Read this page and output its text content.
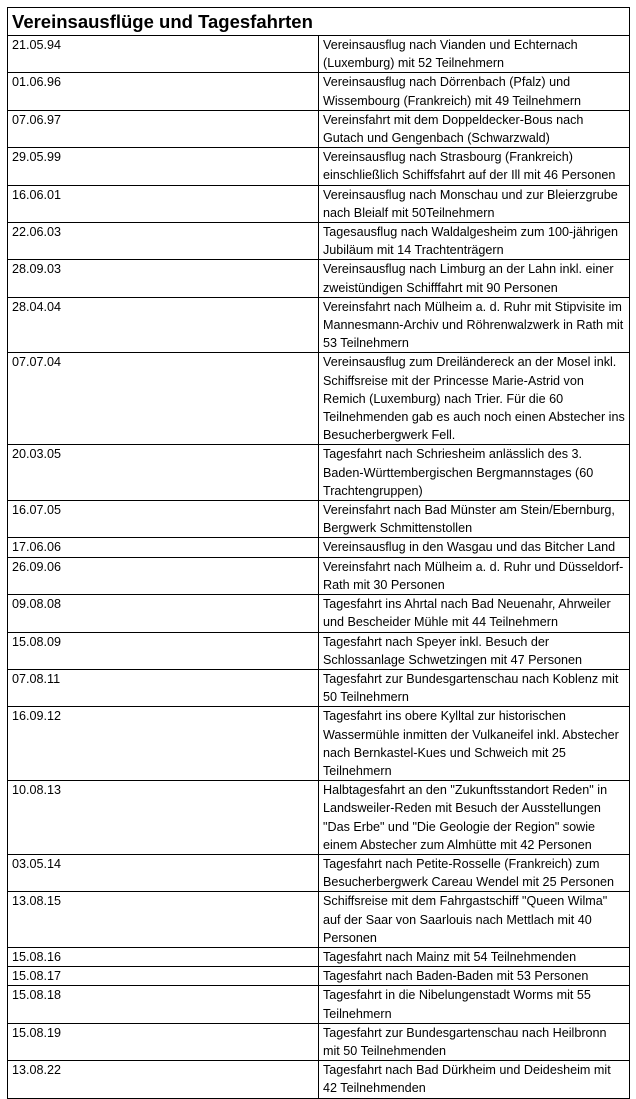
Vereinsausflüge und Tagesfahrten	
21.05.94	Vereinsausflug nach Vianden und Echternach (Luxemburg) mit 52 Teilnehmern
01.06.96	Vereinsausflug nach Dörrenbach (Pfalz) und Wissembourg (Frankreich) mit 49 Teilnehmern
07.06.97	Vereinsfahrt mit dem Doppeldecker-Bous nach Gutach und Gengenbach (Schwarzwald)
29.05.99	Vereinsausflug nach Strasbourg (Frankreich) einschließlich Schiffsfahrt auf der Ill mit 46 Personen
16.06.01	Vereinsausflug nach Monschau und zur Bleierzgrube nach Bleialf mit 50Teilnehmern
22.06.03	Tagesausflug nach Waldalgesheim zum 100-jährigen Jubiläum mit 14 Trachtenträgern
28.09.03	Vereinsausflug nach Limburg an der Lahn inkl. einer zweistündigen Schifffahrt mit 90 Personen
28.04.04	Vereinsfahrt nach Mülheim a. d. Ruhr mit Stipvisite im Mannesmann-Archiv und Röhrenwalzwerk in Rath mit 53 Teilnehmern
07.07.04	Vereinsausflug zum Dreiländereck an der Mosel inkl. Schiffsreise mit der Princesse Marie-Astrid von Remich (Luxemburg) nach Trier. Für die 60 Teilnehmenden gab es auch noch einen Abstecher ins Besucherbergwerk Fell.
20.03.05	Tagesfahrt nach Schriesheim anlässlich des 3. Baden-Württembergischen Bergmannstages (60 Trachtengruppen)
16.07.05	Vereinsfahrt nach Bad Münster am Stein/Ebernburg, Bergwerk Schmittenstollen
17.06.06	Vereinsausflug in den Wasgau und das Bitcher Land
26.09.06	Vereinsfahrt nach Mülheim a. d. Ruhr und Düsseldorf-Rath mit 30 Personen
09.08.08	Tagesfahrt ins Ahrtal nach Bad Neuenahr, Ahrweiler und Bescheider Mühle mit 44 Teilnehmern
15.08.09	Tagesfahrt nach Speyer inkl. Besuch der Schlossanlage Schwetzingen mit 47 Personen
07.08.11	Tagesfahrt zur Bundesgartenschau nach Koblenz mit 50 Teilnehmern
16.09.12	Tagesfahrt ins obere Kylltal zur historischen Wassermühle inmitten der Vulkaneifel inkl. Abstecher nach Bernkastel-Kues und Schweich mit 25 Teilnehmern
10.08.13	Halbtagesfahrt an den "Zukunftsstandort Reden" in Landsweiler-Reden mit Besuch der Ausstellungen "Das Erbe" und "Die Geologie der Region" sowie einem Abstecher zum Almhütte mit 42 Personen
03.05.14	Tagesfahrt nach Petite-Rosselle (Frankreich) zum Besucherbergwerk Careau Wendel mit 25 Personen
13.08.15	Schiffsreise mit dem Fahrgastschiff "Queen Wilma" auf der Saar von Saarlouis nach Mettlach mit 40 Personen
15.08.16	Tagesfahrt nach Mainz mit 54 Teilnehmenden
15.08.17	Tagesfahrt nach Baden-Baden mit 53 Personen
15.08.18	Tagesfahrt in die Nibelungenstadt Worms mit 55 Teilnehmern
15.08.19	Tagesfahrt zur Bundesgartenschau nach Heilbronn mit 50 Teilnehmenden
13.08.22	Tagesfahrt nach Bad Dürkheim und Deidesheim mit 42 Teilnehmenden
